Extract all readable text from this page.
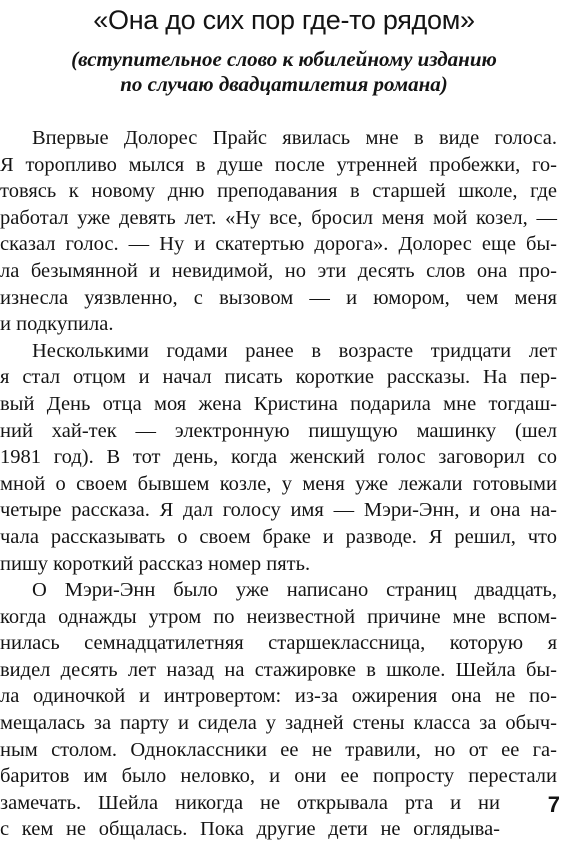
«Она до сих пор где-то рядом»
(вступительное слово к юбилейному изданию
по случаю двадцатилетия романа)
Впервые Долорес Прайс явилась мне в виде голоса.
Я торопливо мылся в душе после утренней пробежки, го-
товясь к новому дню преподавания в старшей школе, где
работал уже девять лет. «Ну все, бросил меня мой козел, —
сказал голос. — Ну и скатертью дорога». Долорес еще бы-
ла безымянной и невидимой, но эти десять слов она про-
изнесла уязвленно, с вызовом — и юмором, чем меня
и подкупила.
Несколькими годами ранее в возрасте тридцати лет
я стал отцом и начал писать короткие рассказы. На пер-
вый День отца моя жена Кристина подарила мне тогдаш-
ний хай-тек — электронную пишущую машинку (шел
1981 год). В тот день, когда женский голос заговорил со
мной о своем бывшем козле, у меня уже лежали готовыми
четыре рассказа. Я дал голосу имя — Мэри-Энн, и она на-
чала рассказывать о своем браке и разводе. Я решил, что
пишу короткий рассказ номер пять.
О Мэри-Энн было уже написано страниц двадцать,
когда однажды утром по неизвестной причине мне вспом-
нилась семнадцатилетняя старшеклассница, которую я
видел десять лет назад на стажировке в школе. Шейла бы-
ла одиночкой и интровертом: из-за ожирения она не по-
мещалась за парту и сидела у задней стены класса за обыч-
ным столом. Одноклассники ее не травили, но от ее га-
баритов им было неловко, и они ее попросту перестали
замечать. Шейла никогда не открывала рта и ни
с кем не общалась. Пока другие дети не оглядыва-
7
